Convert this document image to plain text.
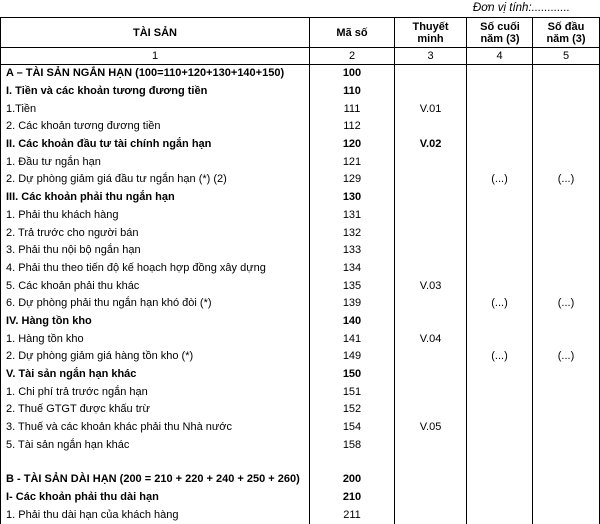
Đơn vị tính:............
TÀI SẢN	Mã số	Thuyết minh	Số cuối năm (3)	Số đầu năm (3)

1	2	3	4	5
A – TÀI SẢN NGẮN HẠN (100=110+120+130+140+150)	100			
I. Tiền và các khoản tương đương tiền	110			
1.Tiền	111	V.01		
2. Các khoản tương đương tiền	112			
II. Các khoản đầu tư tài chính ngắn hạn	120	V.02		
1. Đầu tư ngắn hạn	121			
2. Dự phòng giảm giá đầu tư ngắn hạn (*) (2)	129		(...)	(...)
III. Các khoản phải thu ngắn hạn	130			
1. Phải thu khách hàng	131			
2. Trả trước cho người bán	132			
3. Phải thu nội bộ ngắn hạn	133			
4. Phải thu theo tiến độ kế hoạch hợp đồng xây dựng	134			
5. Các khoản phải thu khác	135	V.03		
6. Dự phòng phải thu ngắn hạn khó đòi (*)	139		(...)	(...)
IV. Hàng tồn kho	140			
1. Hàng tồn kho	141	V.04		
2. Dự phòng giảm giá hàng tồn kho (*)	149		(...)	(...)
V. Tài sản ngắn hạn khác	150			
1. Chi phí trả trước ngắn hạn	151			
2. Thuế GTGT được khấu trừ	152			
3. Thuế và các khoản khác phải thu Nhà nước	154	V.05		
5. Tài sản ngắn hạn khác	158			

B - TÀI SẢN DÀI HẠN (200 = 210 + 220 + 240 + 250 + 260)	200			
I- Các khoản phải thu dài hạn	210			
1. Phải thu dài hạn của khách hàng	211			
